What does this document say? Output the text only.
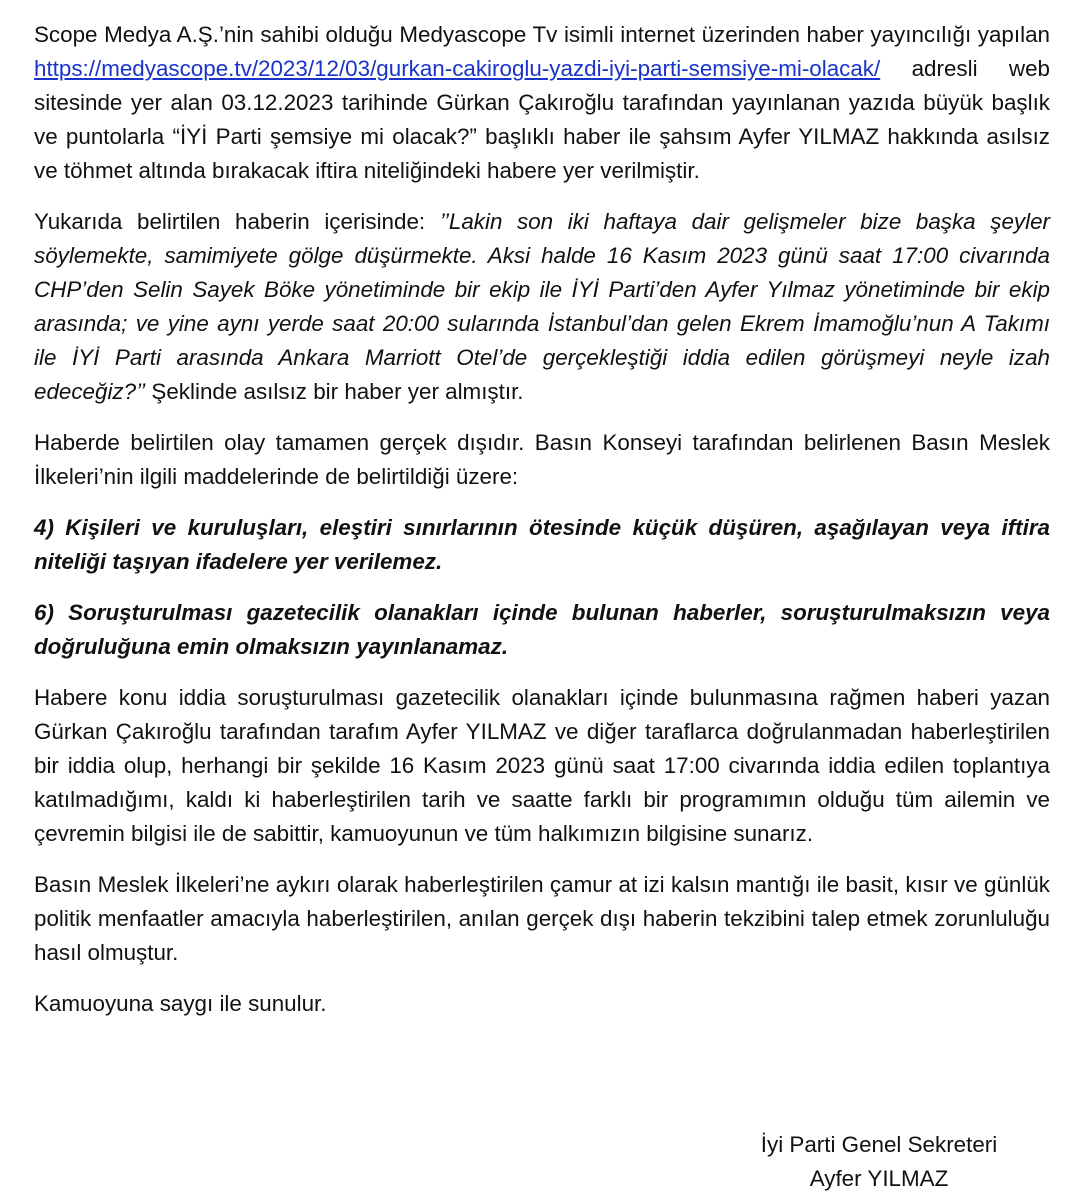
Scope Medya A.Ş.’nin sahibi olduğu Medyascope Tv isimli internet üzerinden haber yayıncılığı yapılan https://medyascope.tv/2023/12/03/gurkan-cakiroglu-yazdi-iyi-parti-semsiye-mi-olacak/ adresli web sitesinde yer alan 03.12.2023 tarihinde Gürkan Çakıroğlu tarafından yayınlanan yazıda büyük başlık ve puntolarla “İYİ Parti şemsiye mi olacak?” başlıklı haber ile şahsım Ayfer YILMAZ hakkında asılsız ve töhmet altında bırakacak iftira niteliğindeki habere yer verilmiştir.

Yukarıda belirtilen haberin içerisinde: ’’Lakin son iki haftaya dair gelişmeler bize başka şeyler söylemekte, samimiyete gölge düşürmekte. Aksi halde 16 Kasım 2023 günü saat 17:00 civarında CHP’den Selin Sayek Böke yönetiminde bir ekip ile İYİ Parti’den Ayfer Yılmaz yönetiminde bir ekip arasında; ve yine aynı yerde saat 20:00 sularında İstanbul’dan gelen Ekrem İmamoğlu’nun A Takımı ile İYİ Parti arasında Ankara Marriott Otel’de gerçekleştiği iddia edilen görüşmeyi neyle izah edeceğiz?’’ Şeklinde asılsız bir haber yer almıştır.

Haberde belirtilen olay tamamen gerçek dışıdır. Basın Konseyi tarafından belirlenen Basın Meslek İlkeleri’nin ilgili maddelerinde de belirtildiği üzere:

4) Kişileri ve kuruluşları, eleştiri sınırlarının ötesinde küçük düşüren, aşağılayan veya iftira niteliği taşıyan ifadelere yer verilemez.

6) Soruşturulması gazetecilik olanakları içinde bulunan haberler, soruşturulmaksızın veya doğruluğuna emin olmaksızın yayınlanamaz.

Habere konu iddia soruşturulması gazetecilik olanakları içinde bulunmasına rağmen haberi yazan Gürkan Çakıroğlu tarafından tarafım Ayfer YILMAZ ve diğer taraflarca doğrulanmadan haberleştirilen bir iddia olup, herhangi bir şekilde 16 Kasım 2023 günü saat 17:00 civarında iddia edilen toplantıya katılmadığımı, kaldı ki haberleştirilen tarih ve saatte farklı bir programımın olduğu tüm ailemin ve çevremin bilgisi ile de sabittir, kamuoyunun ve tüm halkımızın bilgisine sunarız.

Basın Meslek İlkeleri’ne aykırı olarak haberleştirilen çamur at izi kalsın mantığı ile basit, kısır ve günlük politik menfaatler amacıyla haberleştirilen, anılan gerçek dışı haberin tekzibini talep etmek zorunluluğu hasıl olmuştur.

Kamuoyuna saygı ile sunulur.

İyi Parti Genel Sekreteri
Ayfer YILMAZ
